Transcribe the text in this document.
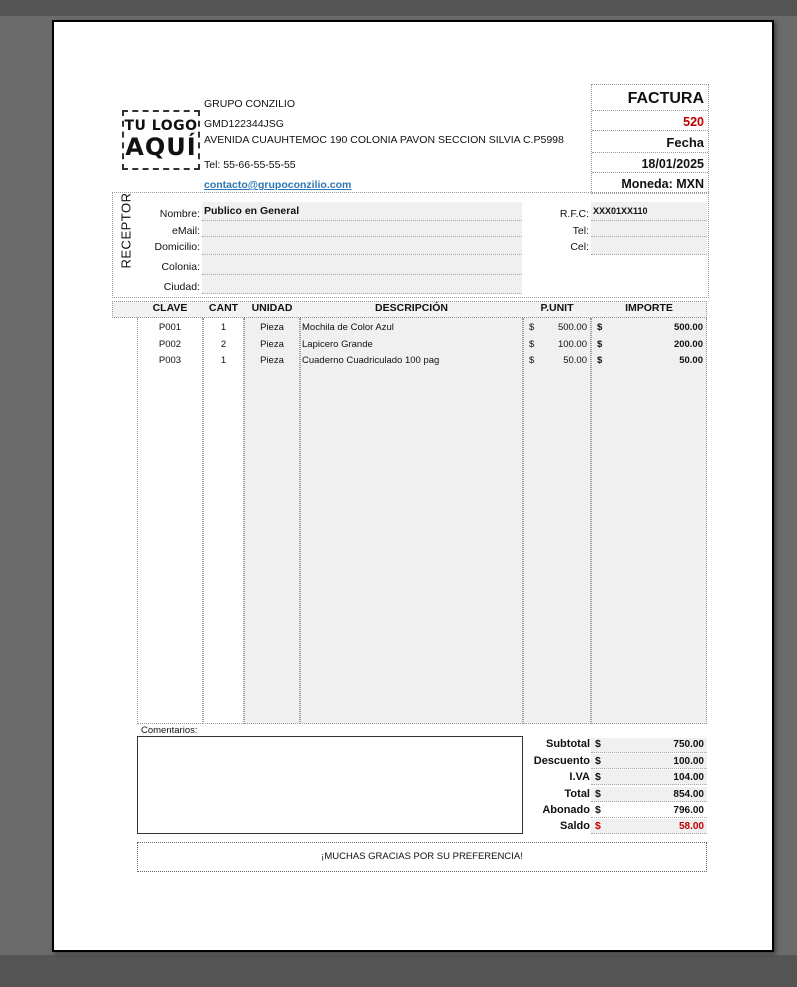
TU LOGO
AQUÍ
GRUPO CONZILIO
GMD122344JSG
AVENIDA CUAUHTEMOC 190 COLONIA PAVON SECCION SILVIA C.P5998
Tel: 55-66-55-55-55
contacto@grupoconzilio.com
FACTURA
520
Fecha
18/01/2025
Moneda: MXN
RECEPTOR	Nombre: Publico en General
eMail:
Domicilio:
Colonia:
Ciudad:
R.F.C: XXX01XX110
Tel:
Cel:
CLAVE	CANT	UNIDAD	DESCRIPCIÓN	P.UNIT	IMPORTE
P001	1	Pieza	Mochila de Color Azul	$	500.00 $	500.00
P002	2	Pieza	Lapicero Grande	$	100.00 $	200.00
P003	1	Pieza	Cuaderno Cuadriculado 100 pag	$	50.00 $	50.00
Comentarios:
Subtotal $	750.00
Descuento $	100.00
I.VA $	104.00
Total $	854.00
Abonado $	796.00
Saldo $	58.00
¡MUCHAS GRACIAS POR SU PREFERENCIA!
